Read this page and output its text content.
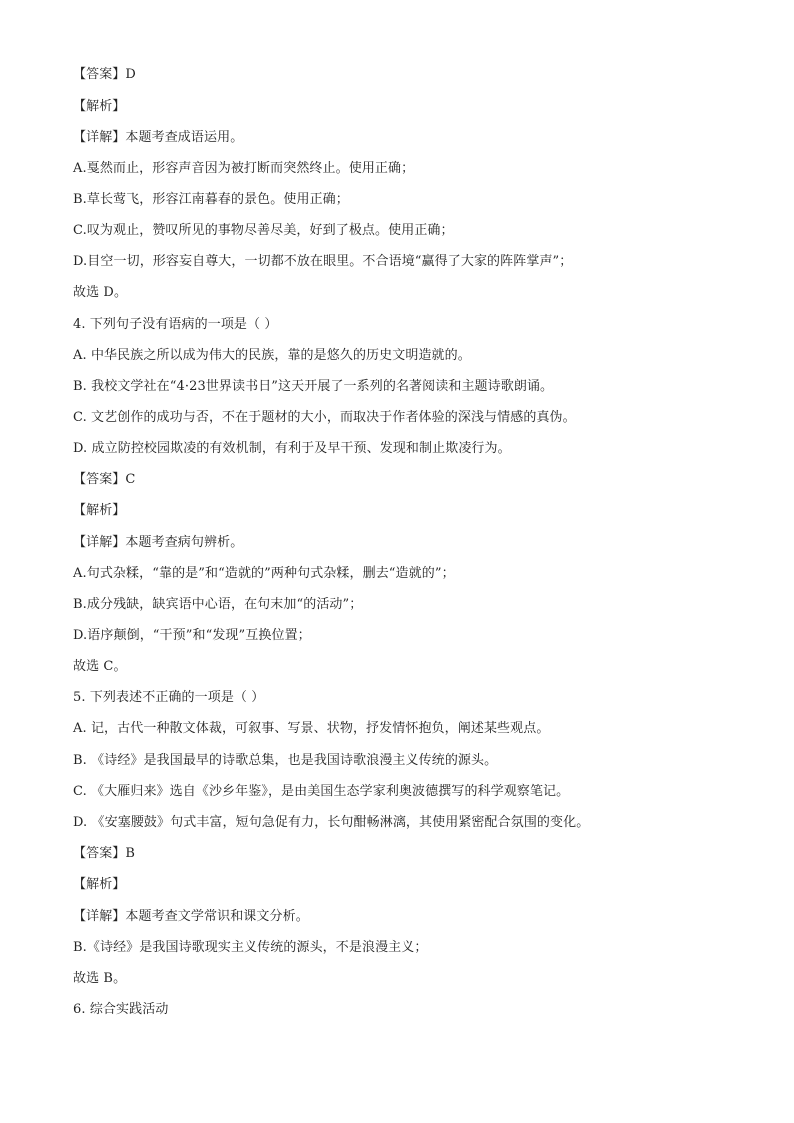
【答案】D
【解析】
【详解】本题考查成语运用。
A.戛然而止，形容声音因为被打断而突然终止。使用正确；
B.草长莺飞，形容江南暮春的景色。使用正确；
C.叹为观止，赞叹所见的事物尽善尽美，好到了极点。使用正确；
D.目空一切，形容妄自尊大，一切都不放在眼里。不合语境“赢得了大家的阵阵掌声”；
故选 D。
4. 下列句子没有语病的一项是（ ）
A. 中华民族之所以成为伟大的民族，靠的是悠久的历史文明造就的。
B. 我校文学社在“4·23世界读书日”这天开展了一系列的名著阅读和主题诗歌朗诵。
C. 文艺创作的成功与否，不在于题材的大小，而取决于作者体验的深浅与情感的真伪。
D. 成立防控校园欺凌的有效机制，有利于及早干预、发现和制止欺凌行为。
【答案】C
【解析】
【详解】本题考查病句辨析。
A.句式杂糅，“靠的是”和“造就的”两种句式杂糅，删去“造就的”；
B.成分残缺，缺宾语中心语，在句末加“的活动”；
D.语序颠倒，“干预”和“发现”互换位置；
故选 C。
5. 下列表述不正确的一项是（ ）
A. 记，古代一种散文体裁，可叙事、写景、状物，抒发情怀抱负，阐述某些观点。
B. 《诗经》是我国最早的诗歌总集，也是我国诗歌浪漫主义传统的源头。
C. 《大雁归来》选自《沙乡年鉴》，是由美国生态学家利奥波德撰写的科学观察笔记。
D. 《安塞腰鼓》句式丰富，短句急促有力，长句酣畅淋漓，其使用紧密配合氛围的变化。
【答案】B
【解析】
【详解】本题考查文学常识和课文分析。
B.《诗经》是我国诗歌现实主义传统的源头，不是浪漫主义；
故选 B。
6. 综合实践活动
